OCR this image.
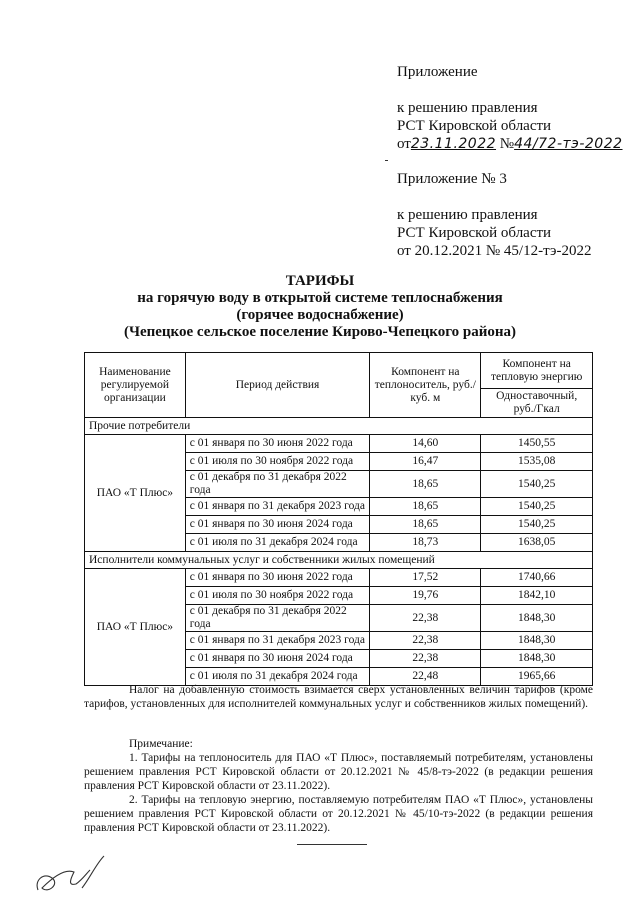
Приложение
к решению правления
РСТ Кировской области
от23.11.2022 №44/72-тэ-2022
Приложение № 3
к решению правления
РСТ Кировской области
от 20.12.2021 № 45/12-тэ-2022
ТАРИФЫ
на горячую воду в открытой системе теплоснабжения
(горячее водоснабжение)
(Чепецкое сельское поселение Кирово-Чепецкого района)
Наименование регулируемой организации	Период действия	Компонент на теплоноситель, руб./куб. м	Компонент на тепловую энергию
			Одноставочный, руб./Гкал
Прочие потребители			
ПАО «Т Плюс»	с 01 января по 30 июня 2022 года	14,60	1450,55
	с 01 июля по 30 ноября 2022 года	16,47	1535,08
	с 01 декабря по 31 декабря 2022 года	18,65	1540,25
	с 01 января по 31 декабря 2023 года	18,65	1540,25
	с 01 января по 30 июня 2024 года	18,65	1540,25
	с 01 июля по 31 декабря 2024 года	18,73	1638,05
Исполнители коммунальных услуг и собственники жилых помещений			
ПАО «Т Плюс»	с 01 января по 30 июня 2022 года	17,52	1740,66
	с 01 июля по 30 ноября 2022 года	19,76	1842,10
	с 01 декабря по 31 декабря 2022 года	22,38	1848,30
	с 01 января по 31 декабря 2023 года	22,38	1848,30
	с 01 января по 30 июня 2024 года	22,38	1848,30
	с 01 июля по 31 декабря 2024 года	22,48	1965,66
Налог на добавленную стоимость взимается сверх установленных величин тарифов (кроме тарифов, установленных для исполнителей коммунальных услуг и собственников жилых помещений).
Примечание:
1. Тарифы на теплоноситель для ПАО «Т Плюс», поставляемый потребителям, установлены решением правления РСТ Кировской области от 20.12.2021 № 45/8-тэ-2022 (в редакции решения правления РСТ Кировской области от 23.11.2022).
2. Тарифы на тепловую энергию, поставляемую потребителям ПАО «Т Плюс», установлены решением правления РСТ Кировской области от 20.12.2021 № 45/10-тэ-2022 (в редакции решения правления РСТ Кировской области от 23.11.2022).
